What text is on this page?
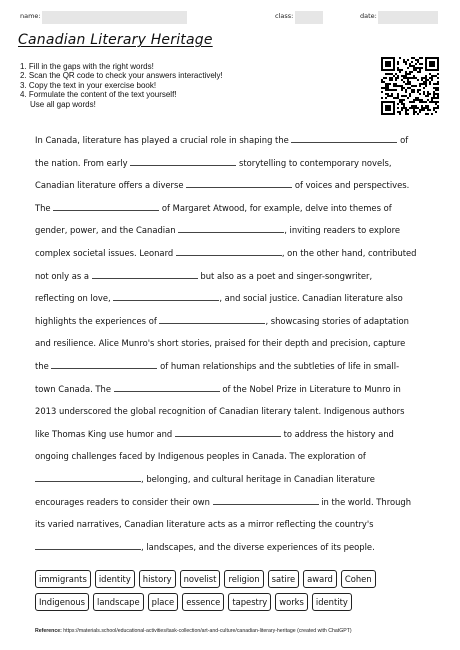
name:	class:	date:
Canadian Literary Heritage
1. Fill in the gaps with the right words!
2. Scan the QR code to check your answers interactively!
3. Copy the text in your exercise book!
4. Formulate the content of the text yourself!
Use all gap words!
In Canada, literature has played a crucial role in shaping the	of
the nation. From early	storytelling to contemporary novels,
Canadian literature offers a diverse	of voices and perspectives.
The	of Margaret Atwood, for example, delve into themes of
gender, power, and the Canadian	, inviting readers to explore
complex societal issues. Leonard	, on the other hand, contributed
not only as a	but also as a poet and singer-songwriter,
reflecting on love,	, and social justice. Canadian literature also
highlights the experiences of	, showcasing stories of adaptation
and resilience. Alice Munro's short stories, praised for their depth and precision, capture
the	of human relationships and the subtleties of life in small-
town Canada. The	of the Nobel Prize in Literature to Munro in
2013 underscored the global recognition of Canadian literary talent. Indigenous authors
like Thomas King use humor and	to address the history and
ongoing challenges faced by Indigenous peoples in Canada. The exploration of
, belonging, and cultural heritage in Canadian literature
encourages readers to consider their own	in the world. Through
its varied narratives, Canadian literature acts as a mirror reflecting the country's
, landscapes, and the diverse experiences of its people.
immigrants	identity	history	novelist	religion	satire	award	Cohen
Indigenous	landscape	place	essence	tapestry	works	identity
Reference: https://materials.school/educational-activities/task-collection/art-and-culture/canadian-literary-heritage (created with ChatGPT)
